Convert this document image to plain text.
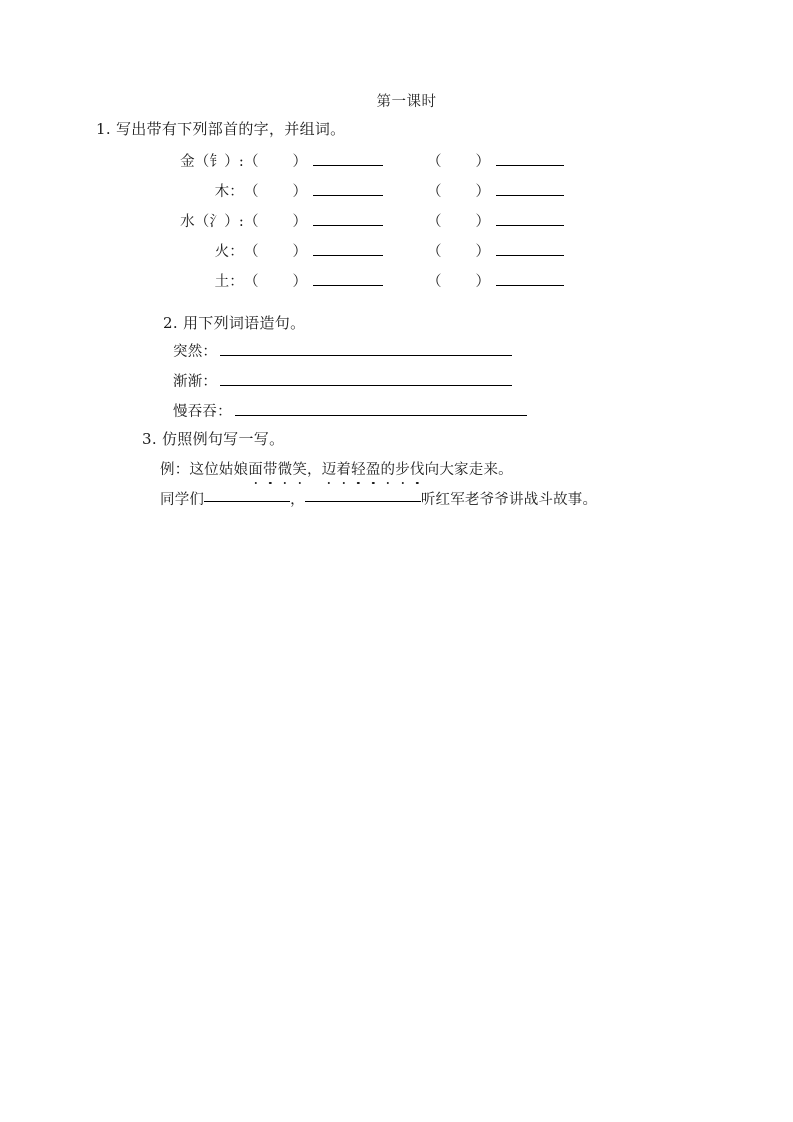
第一课时
1. 写出带有下列部首的字，并组词。
金（钅）: （ ）	（ ）
木： （ ）	（ ）
水（氵）: （ ）	（ ）
火： （ ）	（ ）
土： （ ）	（ ）
2. 用下列词语造句。
突然：
渐渐：
慢吞吞：
3. 仿照例句写一写。
例：这位姑娘面带微笑，迈着轻盈的步伐向大家走来。
同学们	，	听红军老爷爷讲战斗故事。
